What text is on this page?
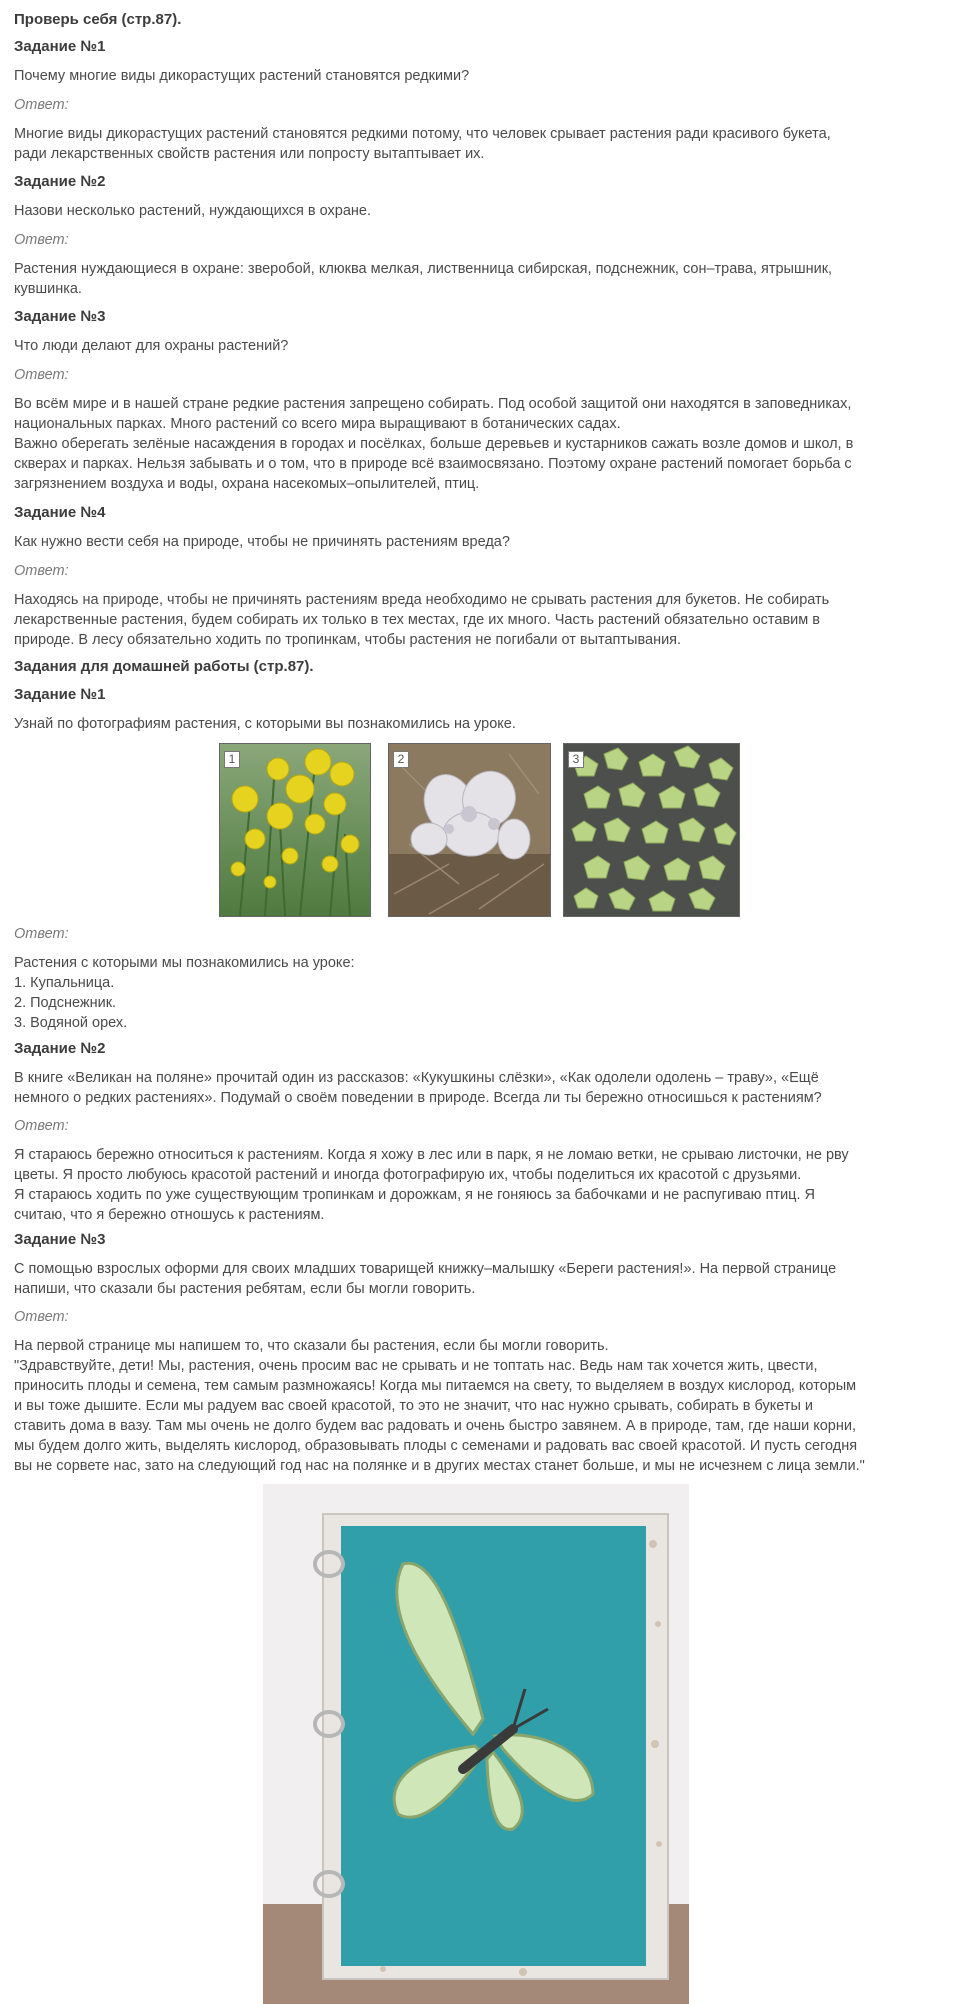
Проверь себя (стр.87).
Задание №1
Почему многие виды дикорастущих растений становятся редкими?
Ответ:
Многие виды дикорастущих растений становятся редкими потому, что человек срывает растения ради красивого букета,
ради лекарственных свойств растения или попросту вытаптывает их.
Задание №2
Назови несколько растений, нуждающихся в охране.
Ответ:
Растения нуждающиеся в охране: зверобой, клюква мелкая, лиственница сибирская, подснежник, сон–трава, ятрышник,
кувшинка.
Задание №3
Что люди делают для охраны растений?
Ответ:
Во всём мире и в нашей стране редкие растения запрещено собирать. Под особой защитой они находятся в заповедниках,
национальных парках. Много растений со всего мира выращивают в ботанических садах.
Важно оберегать зелёные насаждения в городах и посёлках, больше деревьев и кустарников сажать возле домов и школ, в
скверах и парках. Нельзя забывать и о том, что в природе всё взаимосвязано. Поэтому охране растений помогает борьба с
загрязнением воздуха и воды, охрана насекомых–опылителей, птиц.
Задание №4
Как нужно вести себя на природе, чтобы не причинять растениям вреда?
Ответ:
Находясь на природе, чтобы не причинять растениям вреда необходимо не срывать растения для букетов. Не собирать
лекарственные растения, будем собирать их только в тех местах, где их много. Часть растений обязательно оставим в
природе. В лесу обязательно ходить по тропинкам, чтобы растения не погибали от вытаптывания.
Задания для домашней работы (стр.87).
Задание №1
Узнай по фотографиям растения, с которыми вы познакомились на уроке.
1	2	3
Ответ:
Растения с которыми мы познакомились на уроке:
1. Купальница.
2. Подснежник.
3. Водяной орех.
Задание №2
В книге «Великан на поляне» прочитай один из рассказов: «Кукушкины слёзки», «Как одолели одолень – траву», «Ещё
немного о редких растениях». Подумай о своём поведении в природе. Всегда ли ты бережно относишься к растениям?
Ответ:
Я стараюсь бережно относиться к растениям. Когда я хожу в лес или в парк, я не ломаю ветки, не срываю листочки, не рву
цветы. Я просто любуюсь красотой растений и иногда фотографирую их, чтобы поделиться их красотой с друзьями.
Я стараюсь ходить по уже существующим тропинкам и дорожкам, я не гоняюсь за бабочками и не распугиваю птиц. Я
считаю, что я бережно отношусь к растениям.
Задание №3
С помощью взрослых оформи для своих младших товарищей книжку–малышку «Береги растения!». На первой странице
напиши, что сказали бы растения ребятам, если бы могли говорить.
Ответ:
На первой странице мы напишем то, что сказали бы растения, если бы могли говорить.
"Здравствуйте, дети! Мы, растения, очень просим вас не срывать и не топтать нас. Ведь нам так хочется жить, цвести,
приносить плоды и семена, тем самым размножаясь! Когда мы питаемся на свету, то выделяем в воздух кислород, которым
и вы тоже дышите. Если мы радуем вас своей красотой, то это не значит, что нас нужно срывать, собирать в букеты и
ставить дома в вазу. Там мы очень не долго будем вас радовать и очень быстро завянем. А в природе, там, где наши корни,
мы будем долго жить, выделять кислород, образовывать плоды с семенами и радовать вас своей красотой. И пусть сегодня
вы не сорвете нас, зато на следующий год нас на полянке и в других местах станет больше, и мы не исчезнем с лица земли."
